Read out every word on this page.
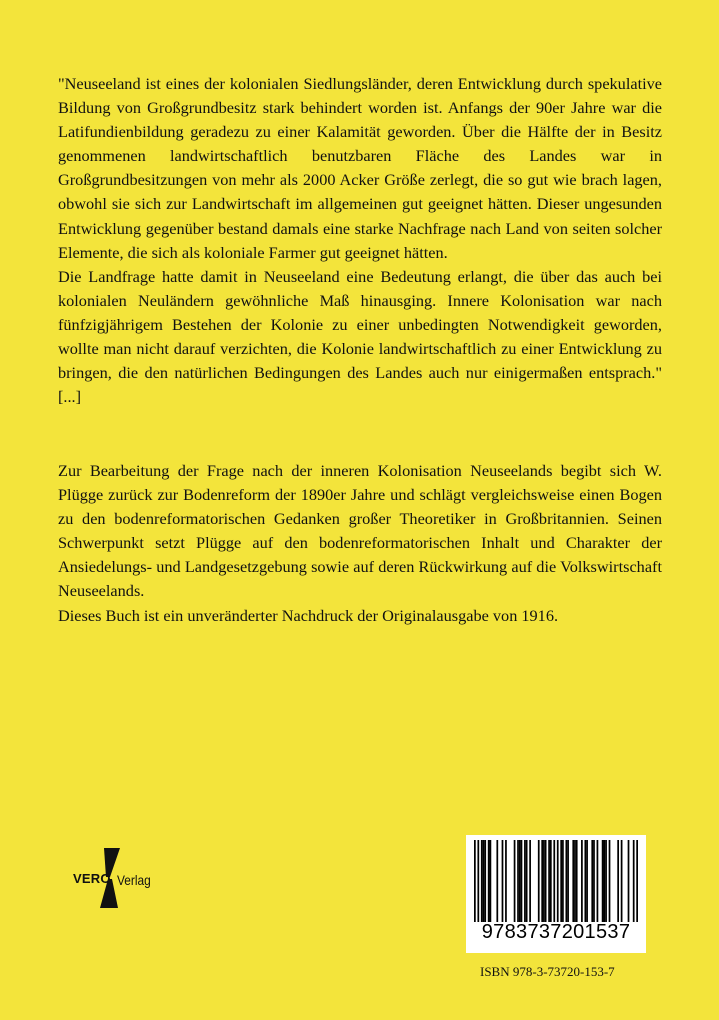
"Neuseeland ist eines der kolonialen Siedlungsländer, deren Entwicklung durch spekulative Bildung von Großgrundbesitz stark behindert worden ist. Anfangs der 90er Jahre war die Latifundienbildung geradezu zu einer Kalamität geworden. Über die Hälfte der in Besitz genommenen landwirtschaftlich benutzbaren Fläche des Landes war in Großgrundbesitzungen von mehr als 2000 Acker Größe zerlegt, die so gut wie brach lagen, obwohl sie sich zur Landwirtschaft im allgemeinen gut geeignet hätten. Dieser ungesunden Entwicklung gegenüber bestand damals eine starke Nachfrage nach Land von seiten solcher Elemente, die sich als koloniale Farmer gut geeignet hätten.

Die Landfrage hatte damit in Neuseeland eine Bedeutung erlangt, die über das auch bei kolonialen Neuländern gewöhnliche Maß hinausging. Innere Kolonisation war nach fünfzigjährigem Bestehen der Kolonie zu einer unbedingten Notwendigkeit geworden, wollte man nicht darauf verzichten, die Kolonie landwirtschaftlich zu einer Entwicklung zu bringen, die den natürlichen Bedingungen des Landes auch nur einigermaßen entsprach." [...]

Zur Bearbeitung der Frage nach der inneren Kolonisation Neuseelands begibt sich W. Plügge zurück zur Bodenreform der 1890er Jahre und schlägt vergleichsweise einen Bogen zu den bodenreformatorischen Gedanken großer Theoretiker in Großbritannien. Seinen Schwerpunkt setzt Plügge auf den bodenreformatorischen Inhalt und Charakter der Ansiedelungs- und Landgesetzgebung sowie auf deren Rückwirkung auf die Volkswirtschaft Neuseelands.

Dieses Buch ist ein unveränderter Nachdruck der Originalausgabe von 1916.

VERO Verlag
9783737201537
ISBN 978-3-73720-153-7
